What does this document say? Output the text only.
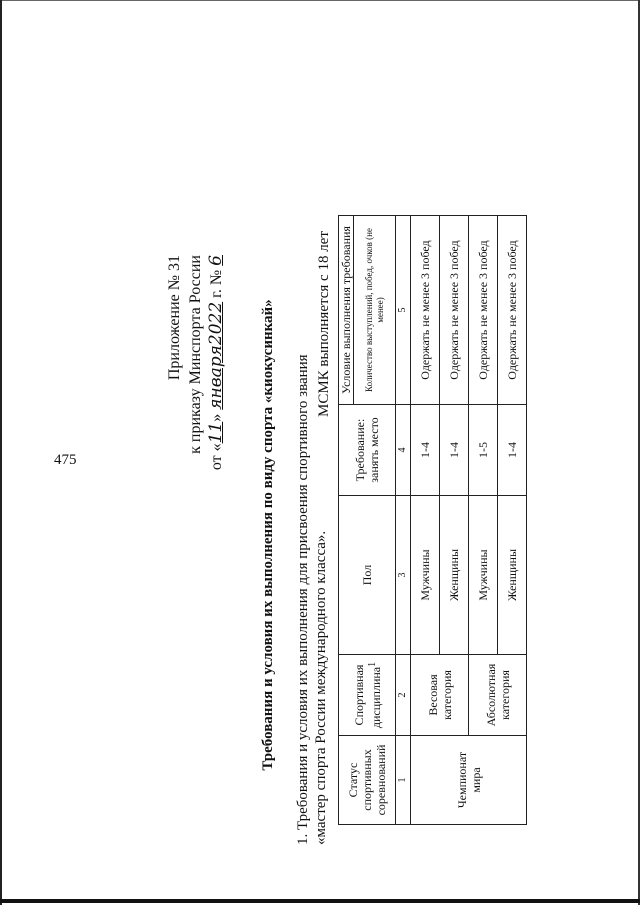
475
Приложение № 31 к приказу Минспорта России
от «11» января2022 г. № 6
Требования и условия их выполнения по виду спорта «киокусинкай» 1. Требования и условия их выполнения для присвоения спортивного звания «мастер спорта России международного класса».
МСМК выполняется с 18 лет
Статус спортивных соревнований	Спортивная дисциплина$^1$	Пол	Требование: занять место	Условие выполнения требования
				Количество выступлений, побед, очков (не менее)
1	2	3	4	5
Чемпионат мира	Весовая категория	Мужчины	1-4	Одержать не менее 3 побед
		Женщины	1-4	Одержать не менее 3 побед
	Абсолютная категория	Мужчины	1-5	Одержать не менее 3 побед
		Женщины	1-4	Одержать не менее 3 побед
